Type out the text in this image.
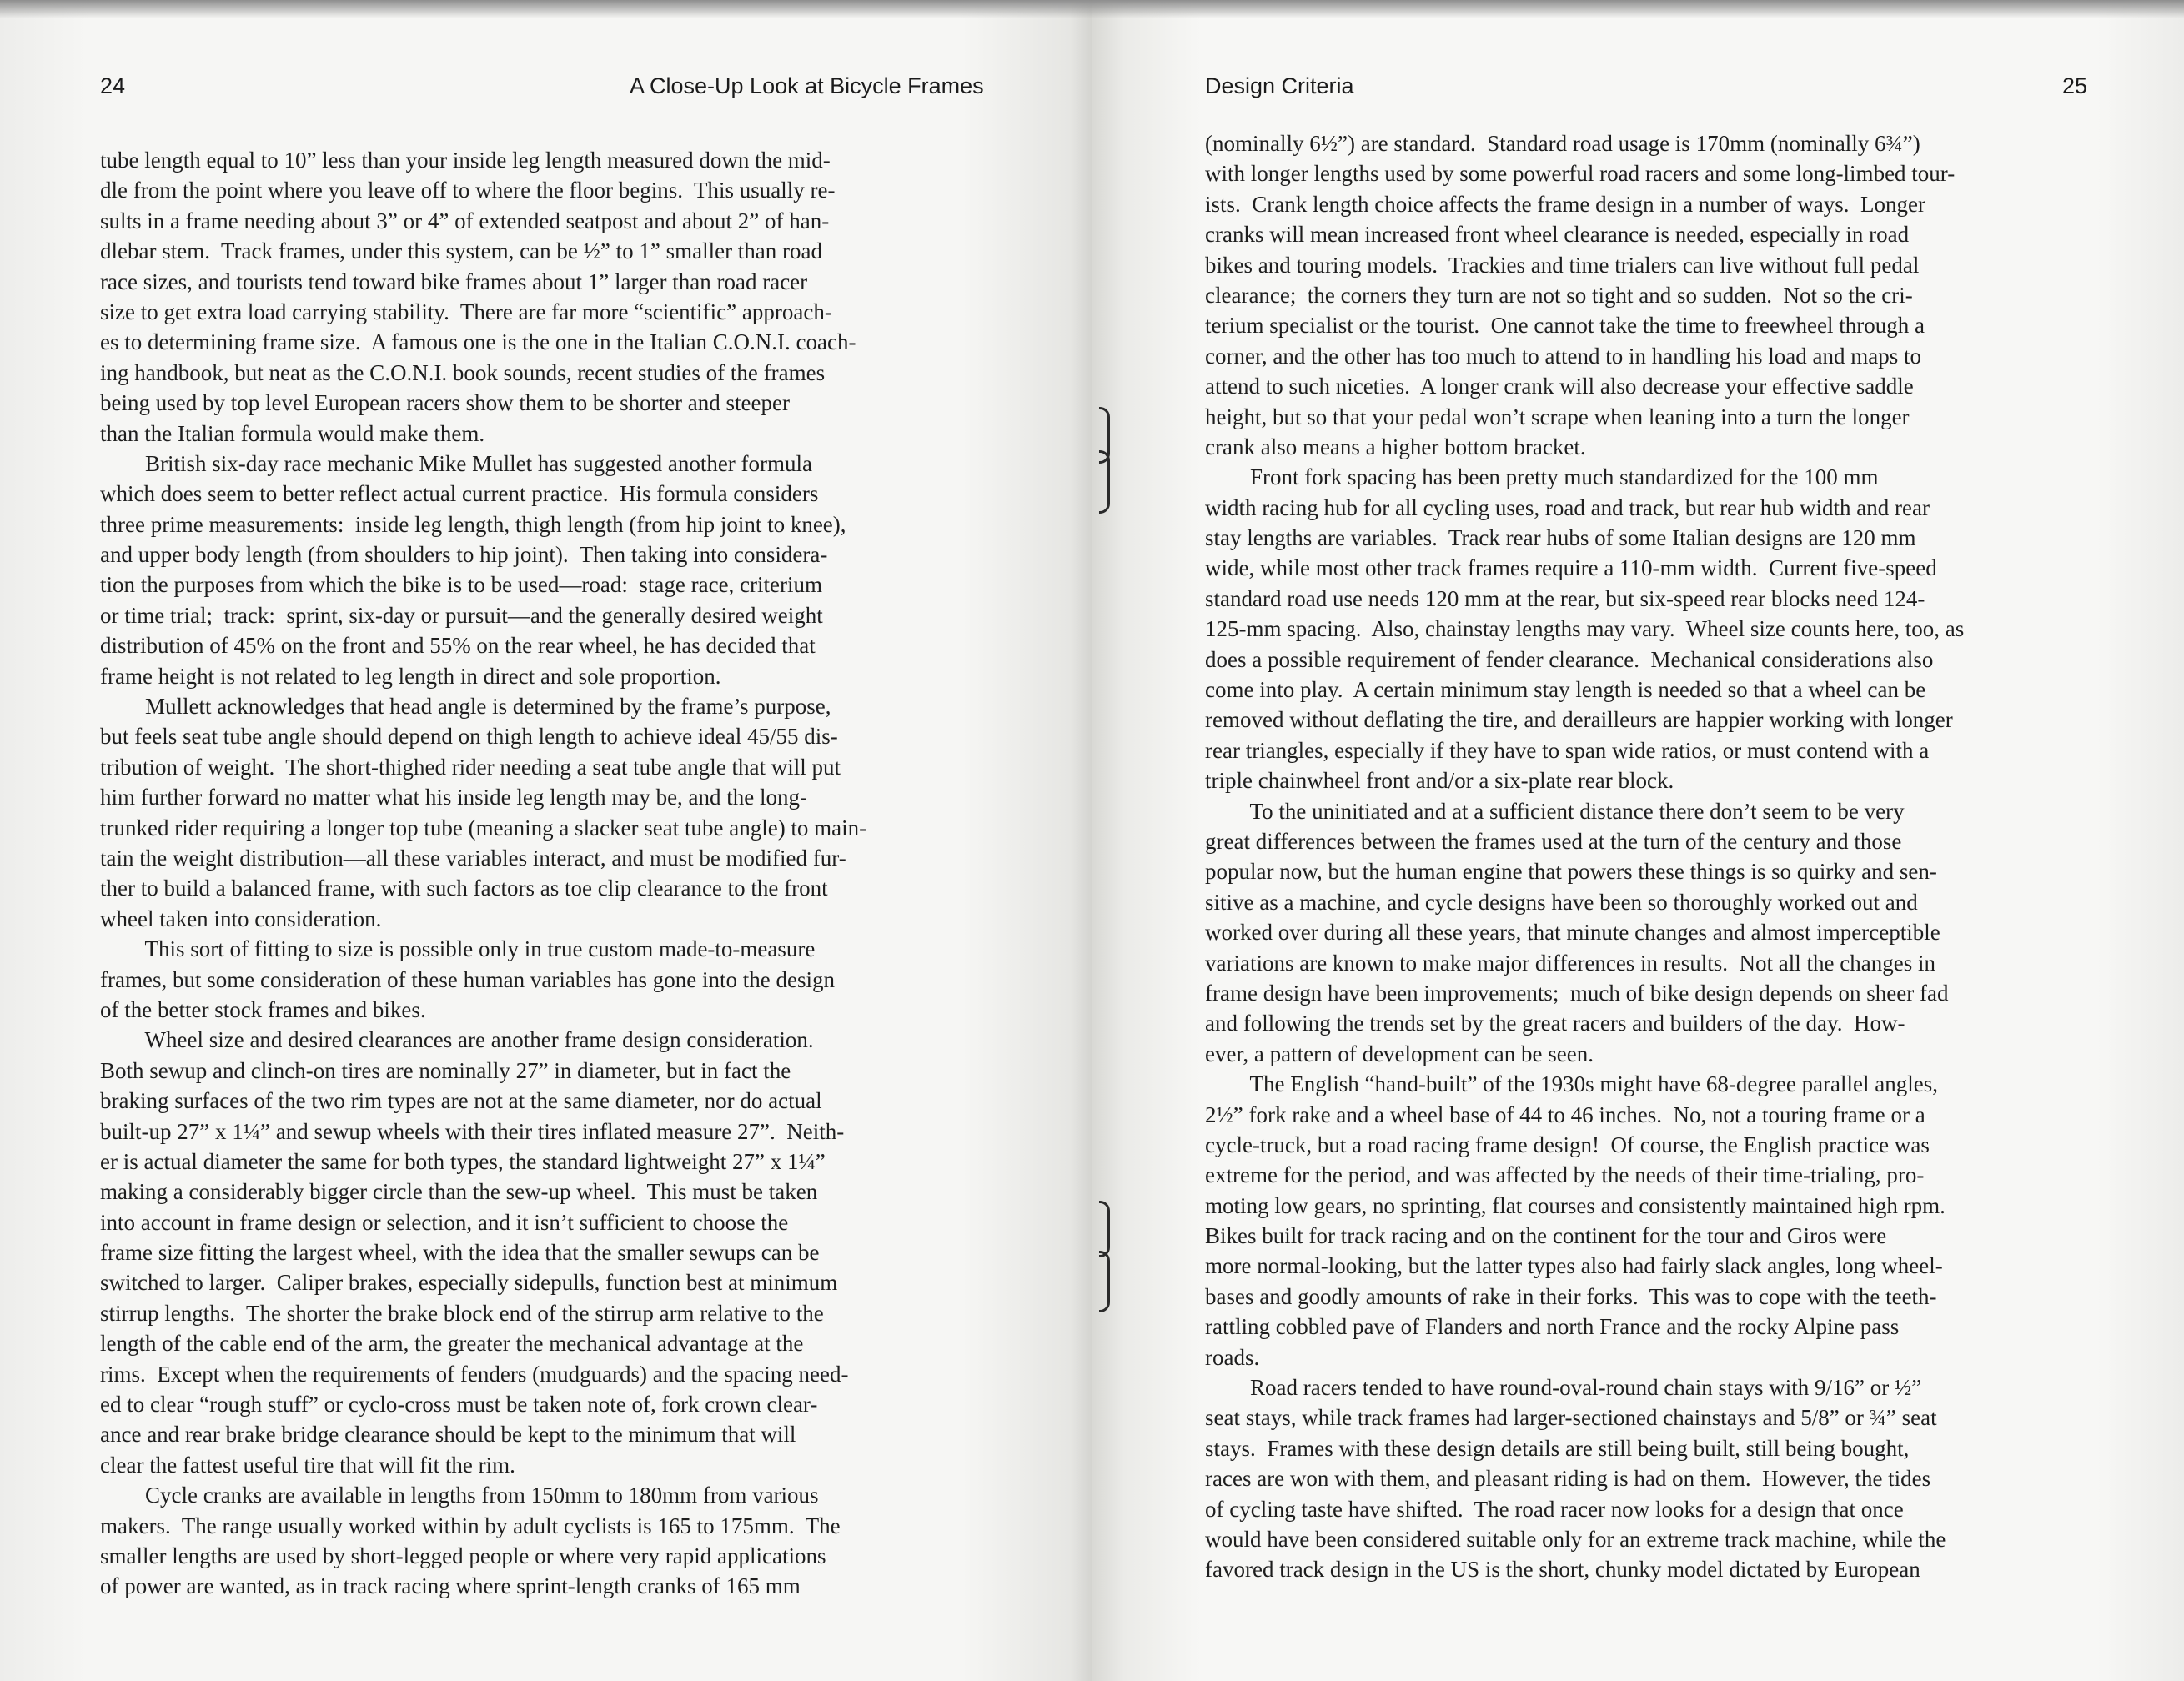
24	A Close-Up Look at Bicycle Frames
tube length equal to 10” less than your inside leg length measured down the mid-
dle from the point where you leave off to where the floor begins.  This usually re-
sults in a frame needing about 3” or 4” of extended seatpost and about 2” of han-
dlebar stem.  Track frames, under this system, can be ½” to 1” smaller than road
race sizes, and tourists tend toward bike frames about 1” larger than road racer
size to get extra load carrying stability.  There are far more “scientific” approach-
es to determining frame size.  A famous one is the one in the Italian C.O.N.I. coach-
ing handbook, but neat as the C.O.N.I. book sounds, recent studies of the frames
being used by top level European racers show them to be shorter and steeper
than the Italian formula would make them.
British six-day race mechanic Mike Mullet has suggested another formula
which does seem to better reflect actual current practice.  His formula considers
three prime measurements:  inside leg length, thigh length (from hip joint to knee),
and upper body length (from shoulders to hip joint).  Then taking into considera-
tion the purposes from which the bike is to be used—road:  stage race, criterium
or time trial;  track:  sprint, six-day or pursuit—and the generally desired weight
distribution of 45% on the front and 55% on the rear wheel, he has decided that
frame height is not related to leg length in direct and sole proportion.
Mullett acknowledges that head angle is determined by the frame’s purpose,
but feels seat tube angle should depend on thigh length to achieve ideal 45/55 dis-
tribution of weight.  The short-thighed rider needing a seat tube angle that will put
him further forward no matter what his inside leg length may be, and the long-
trunked rider requiring a longer top tube (meaning a slacker seat tube angle) to main-
tain the weight distribution—all these variables interact, and must be modified fur-
ther to build a balanced frame, with such factors as toe clip clearance to the front
wheel taken into consideration.
This sort of fitting to size is possible only in true custom made-to-measure
frames, but some consideration of these human variables has gone into the design
of the better stock frames and bikes.
Wheel size and desired clearances are another frame design consideration.
Both sewup and clinch-on tires are nominally 27” in diameter, but in fact the
braking surfaces of the two rim types are not at the same diameter, nor do actual
built-up 27” x 1¼” and sewup wheels with their tires inflated measure 27”.  Neith-
er is actual diameter the same for both types, the standard lightweight 27” x 1¼”
making a considerably bigger circle than the sew-up wheel.  This must be taken
into account in frame design or selection, and it isn’t sufficient to choose the
frame size fitting the largest wheel, with the idea that the smaller sewups can be
switched to larger.  Caliper brakes, especially sidepulls, function best at minimum
stirrup lengths.  The shorter the brake block end of the stirrup arm relative to the
length of the cable end of the arm, the greater the mechanical advantage at the
rims.  Except when the requirements of fenders (mudguards) and the spacing need-
ed to clear “rough stuff” or cyclo-cross must be taken note of, fork crown clear-
ance and rear brake bridge clearance should be kept to the minimum that will
clear the fattest useful tire that will fit the rim.
Cycle cranks are available in lengths from 150mm to 180mm from various
makers.  The range usually worked within by adult cyclists is 165 to 175mm.  The
smaller lengths are used by short-legged people or where very rapid applications
of power are wanted, as in track racing where sprint-length cranks of 165 mm
Design Criteria	25
(nominally 6½”) are standard.  Standard road usage is 170mm (nominally 6¾”)
with longer lengths used by some powerful road racers and some long-limbed tour-
ists.  Crank length choice affects the frame design in a number of ways.  Longer
cranks will mean increased front wheel clearance is needed, especially in road
bikes and touring models.  Trackies and time trialers can live without full pedal
clearance;  the corners they turn are not so tight and so sudden.  Not so the cri-
terium specialist or the tourist.  One cannot take the time to freewheel through a
corner, and the other has too much to attend to in handling his load and maps to
attend to such niceties.  A longer crank will also decrease your effective saddle
height, but so that your pedal won’t scrape when leaning into a turn the longer
crank also means a higher bottom bracket.
Front fork spacing has been pretty much standardized for the 100 mm
width racing hub for all cycling uses, road and track, but rear hub width and rear
stay lengths are variables.  Track rear hubs of some Italian designs are 120 mm
wide, while most other track frames require a 110-mm width.  Current five-speed
standard road use needs 120 mm at the rear, but six-speed rear blocks need 124-
125-mm spacing.  Also, chainstay lengths may vary.  Wheel size counts here, too, as
does a possible requirement of fender clearance.  Mechanical considerations also
come into play.  A certain minimum stay length is needed so that a wheel can be
removed without deflating the tire, and derailleurs are happier working with longer
rear triangles, especially if they have to span wide ratios, or must contend with a
triple chainwheel front and/or a six-plate rear block.
To the uninitiated and at a sufficient distance there don’t seem to be very
great differences between the frames used at the turn of the century and those
popular now, but the human engine that powers these things is so quirky and sen-
sitive as a machine, and cycle designs have been so thoroughly worked out and
worked over during all these years, that minute changes and almost imperceptible
variations are known to make major differences in results.  Not all the changes in
frame design have been improvements;  much of bike design depends on sheer fad
and following the trends set by the great racers and builders of the day.  How-
ever, a pattern of development can be seen.
The English “hand-built” of the 1930s might have 68-degree parallel angles,
2½” fork rake and a wheel base of 44 to 46 inches.  No, not a touring frame or a
cycle-truck, but a road racing frame design!  Of course, the English practice was
extreme for the period, and was affected by the needs of their time-trialing, pro-
moting low gears, no sprinting, flat courses and consistently maintained high rpm.
Bikes built for track racing and on the continent for the tour and Giros were
more normal-looking, but the latter types also had fairly slack angles, long wheel-
bases and goodly amounts of rake in their forks.  This was to cope with the teeth-
rattling cobbled pave of Flanders and north France and the rocky Alpine pass
roads.
Road racers tended to have round-oval-round chain stays with 9/16” or ½”
seat stays, while track frames had larger-sectioned chainstays and 5/8” or ¾” seat
stays.  Frames with these design details are still being built, still being bought,
races are won with them, and pleasant riding is had on them.  However, the tides
of cycling taste have shifted.  The road racer now looks for a design that once
would have been considered suitable only for an extreme track machine, while the
favored track design in the US is the short, chunky model dictated by European
